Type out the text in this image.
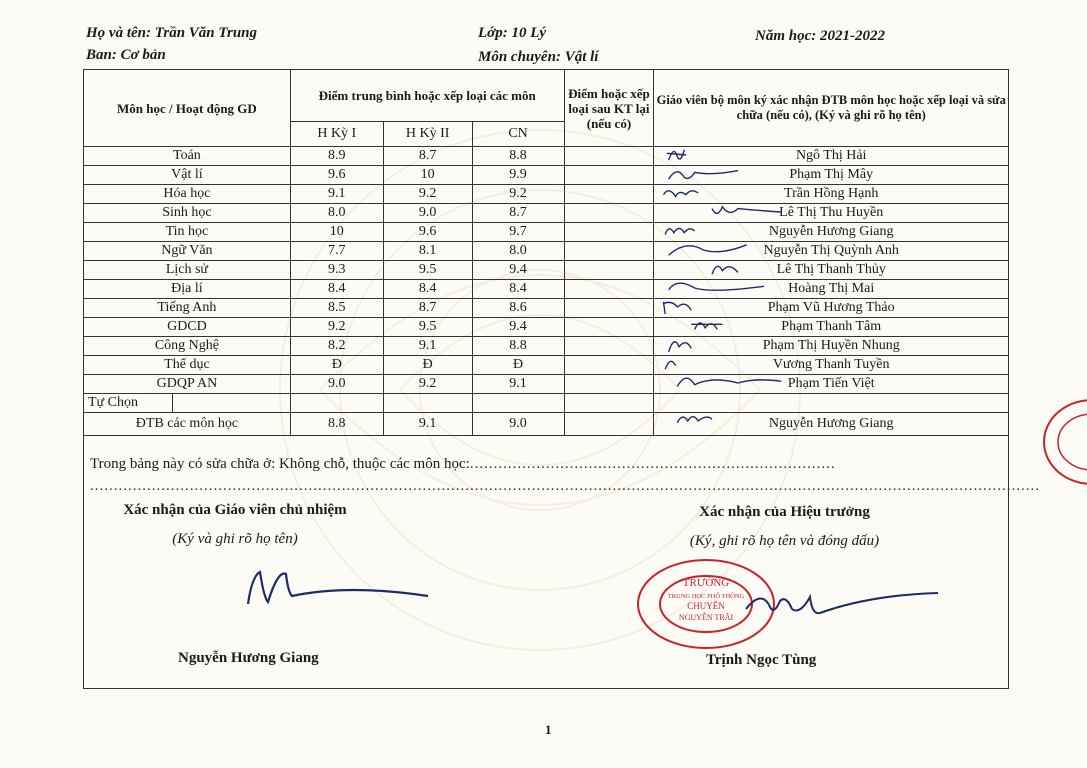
Họ và tên: Trần Văn Trung	Lớp: 10 Lý	Năm học: 2021-2022
Ban: Cơ bản	Môn chuyên: Vật lí
Môn học / Hoạt động GD	Điểm trung bình hoặc xếp loại các môn			Điểm hoặc xếp loại sau KT lại (nếu có)	Giáo viên bộ môn ký xác nhận ĐTB môn học hoặc xếp loại và sửa chữa (nếu có), (Ký và ghi rõ họ tên)
	H Kỳ I	H Kỳ II	CN		
Toán	8.9	8.7	8.8		Ngô Thị Hải

Vật lí	9.6	10	9.9		Phạm Thị Mây

Hóa học	9.1	9.2	9.2		Trần Hồng Hạnh

Sinh học	8.0	9.0	8.7		Lê Thị Thu Huyền

Tin học	10	9.6	9.7		Nguyễn Hương Giang

Ngữ Văn	7.7	8.1	8.0		Nguyễn Thị Quỳnh Anh

Lịch sử	9.3	9.5	9.4		Lê Thị Thanh Thủy

Địa lí	8.4	8.4	8.4		Hoàng Thị Mai

Tiếng Anh	8.5	8.7	8.6		Phạm Vũ Hương Thảo

GDCD	9.2	9.5	9.4		Phạm Thanh Tâm

Công Nghệ	8.2	9.1	8.8		Phạm Thị Huyền Nhung

Thể dục	Đ	Đ	Đ		Vương Thanh Tuyền

GDQP AN	9.0	9.2	9.1		Phạm Tiến Việt

Tự Chọn					
ĐTB các môn học	8.8	9.1	9.0		Nguyễn Hương Giang
Trong bảng này có sửa chữa ở: Không chỗ, thuộc các môn học:.............................................................................
........................................................................................................................................................................................................
Xác nhận của Giáo viên chủ nhiệm
(Ký và ghi rõ họ tên)
Nguyễn Hương Giang
Xác nhận của Hiệu trưởng
(Ký, ghi rõ họ tên và đóng dấu)
TRƯỜNG
TRUNG HỌC PHỔ THÔNG
CHUYÊN
NGUYỄN TRÃI
Trịnh Ngọc Tùng
1
